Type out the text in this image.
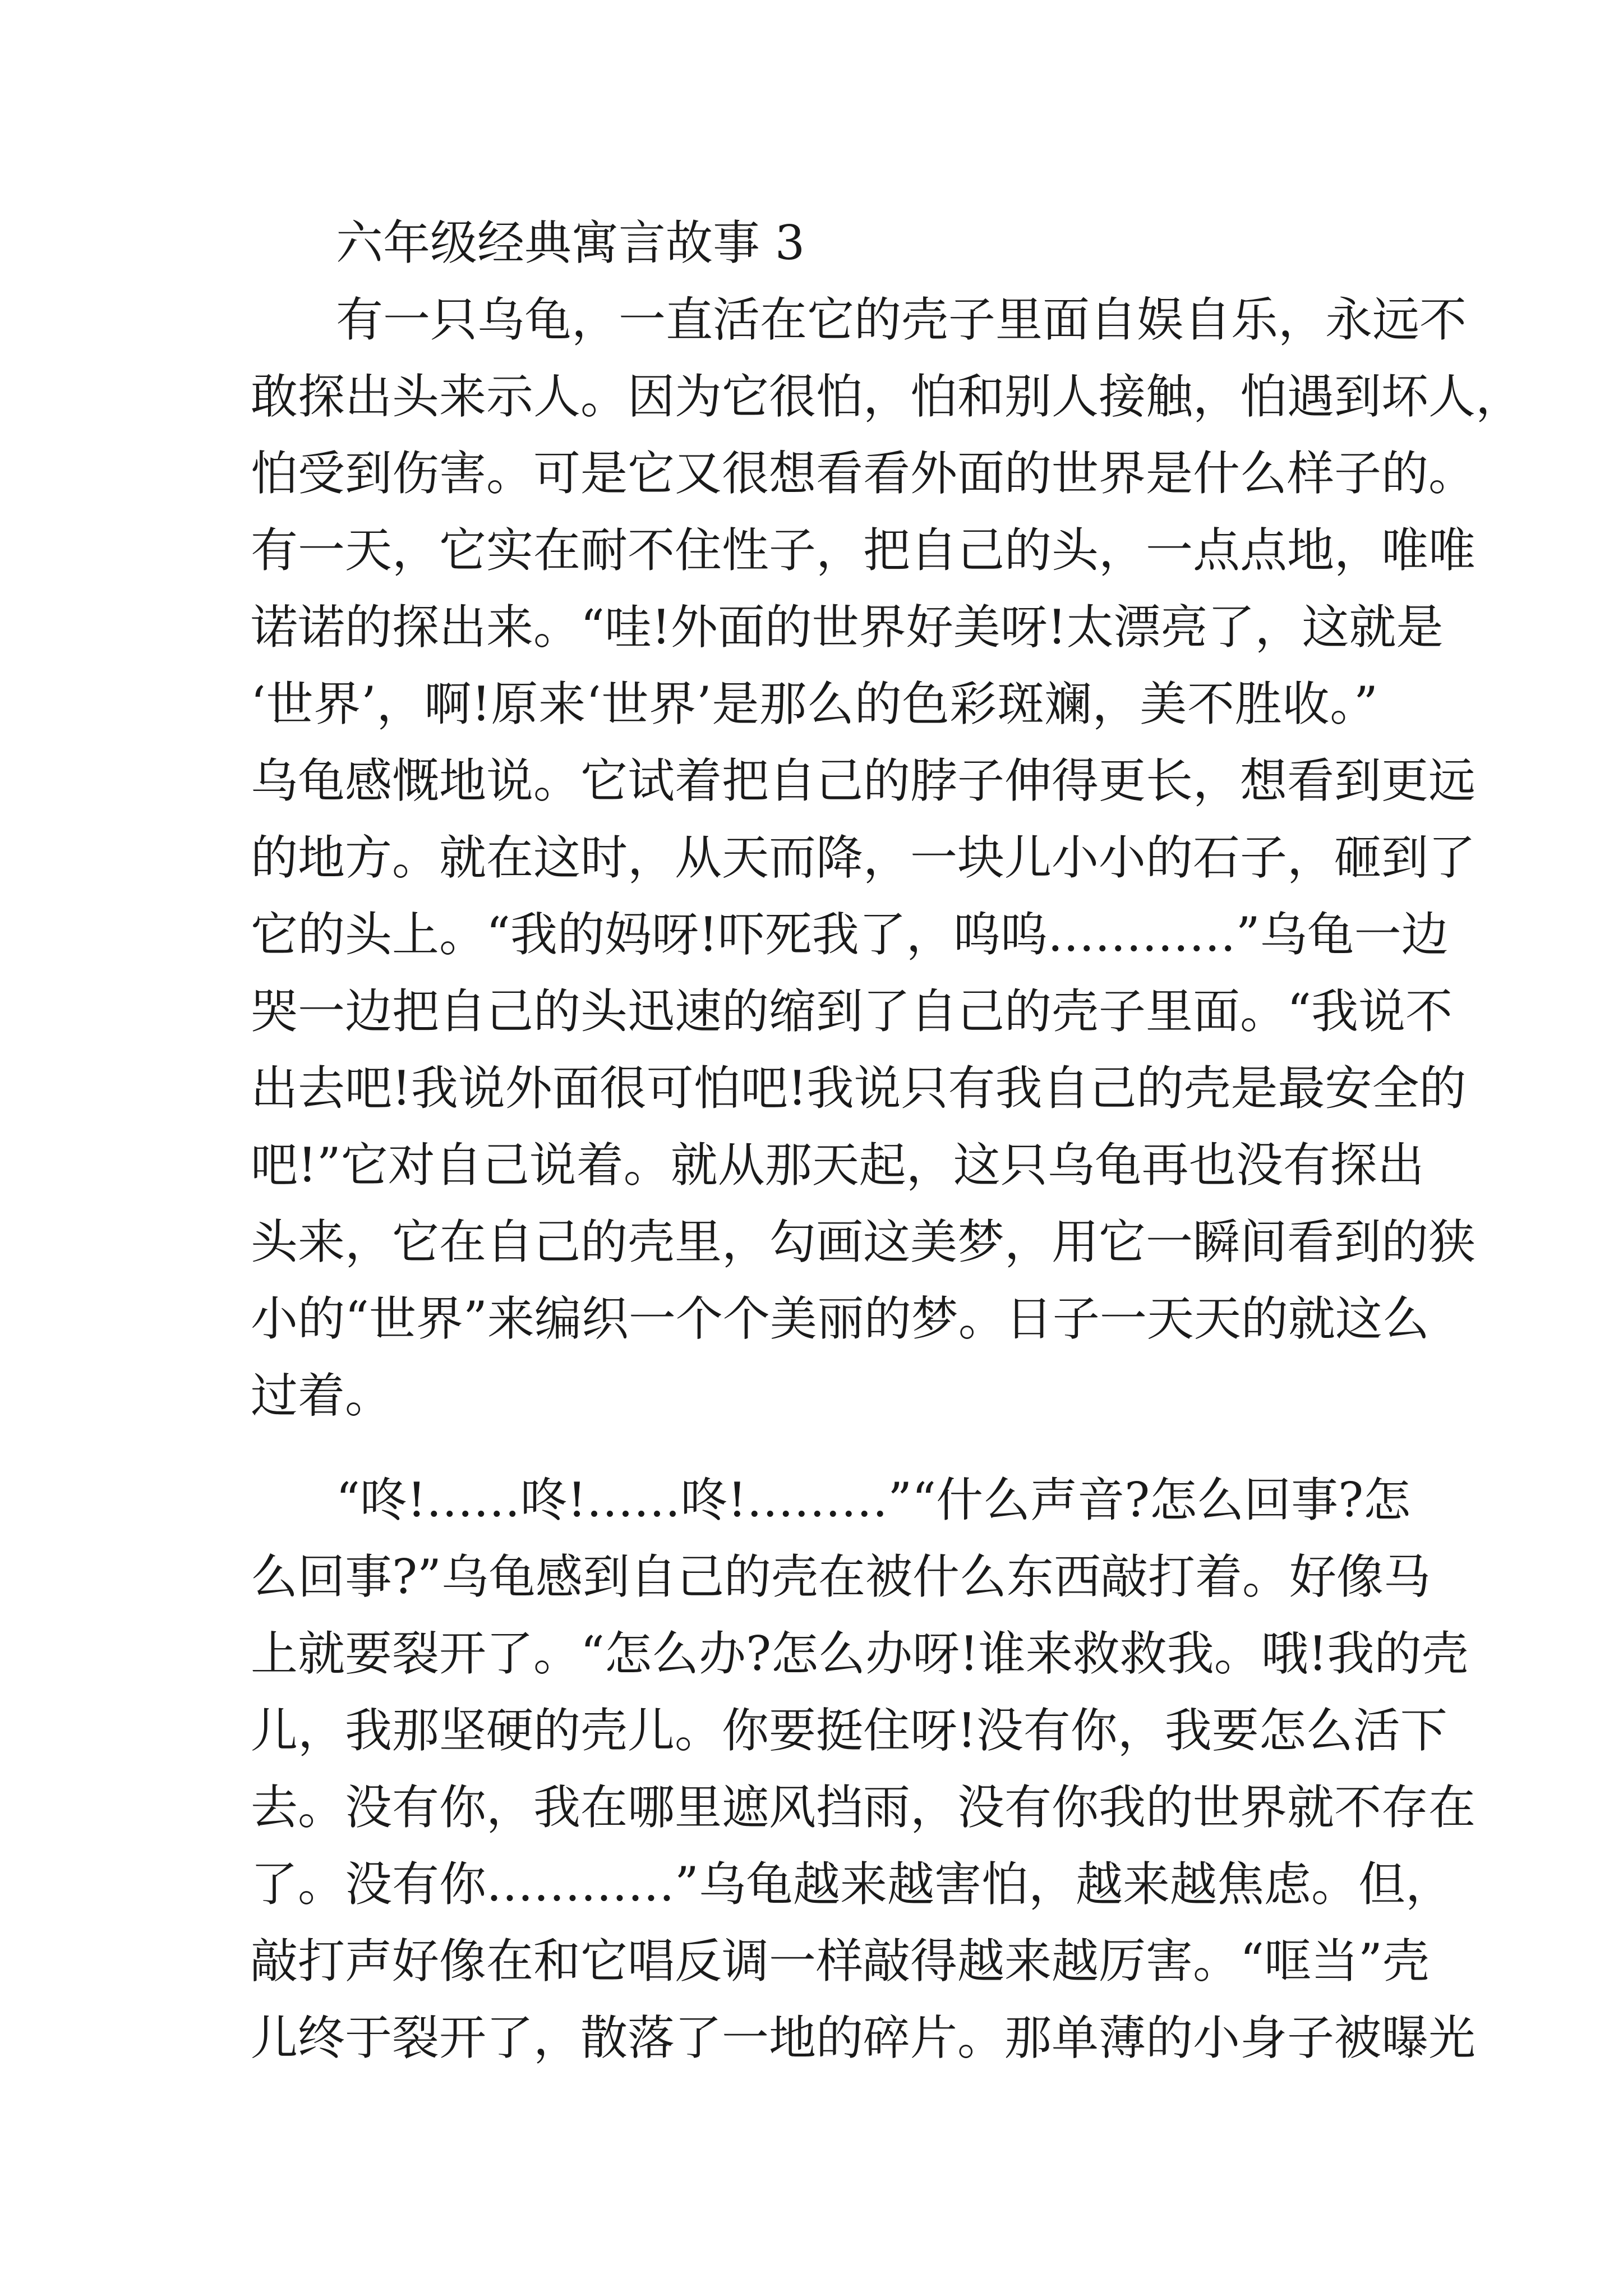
六年级经典寓言故事 3
有一只乌龟，一直活在它的壳子里面自娱自乐，永远不
敢探出头来示人。因为它很怕，怕和别人接触，怕遇到坏人，
怕受到伤害。可是它又很想看看外面的世界是什么样子的。
有一天，它实在耐不住性子，把自己的头，一点点地，唯唯
诺诺的探出来。“哇!外面的世界好美呀!太漂亮了，这就是
‘世界’，啊!原来‘世界’是那么的色彩斑斓，美不胜收。”
乌龟感慨地说。它试着把自己的脖子伸得更长，想看到更远
的地方。就在这时，从天而降，一块儿小小的石子，砸到了
它的头上。“我的妈呀!吓死我了，呜呜…………”乌龟一边
哭一边把自己的头迅速的缩到了自己的壳子里面。“我说不
出去吧!我说外面很可怕吧!我说只有我自己的壳是最安全的
吧!”它对自己说着。就从那天起，这只乌龟再也没有探出
头来，它在自己的壳里，勾画这美梦，用它一瞬间看到的狭
小的“世界”来编织一个个美丽的梦。日子一天天的就这么
过着。
“咚!……咚!……咚!………”“什么声音?怎么回事?怎
么回事?”乌龟感到自己的壳在被什么东西敲打着。好像马
上就要裂开了。“怎么办?怎么办呀!谁来救救我。哦!我的壳
儿，我那坚硬的壳儿。你要挺住呀!没有你，我要怎么活下
去。没有你，我在哪里遮风挡雨，没有你我的世界就不存在
了。没有你…………”乌龟越来越害怕，越来越焦虑。但，
敲打声好像在和它唱反调一样敲得越来越厉害。“哐当”壳
儿终于裂开了，散落了一地的碎片。那单薄的小身子被曝光
